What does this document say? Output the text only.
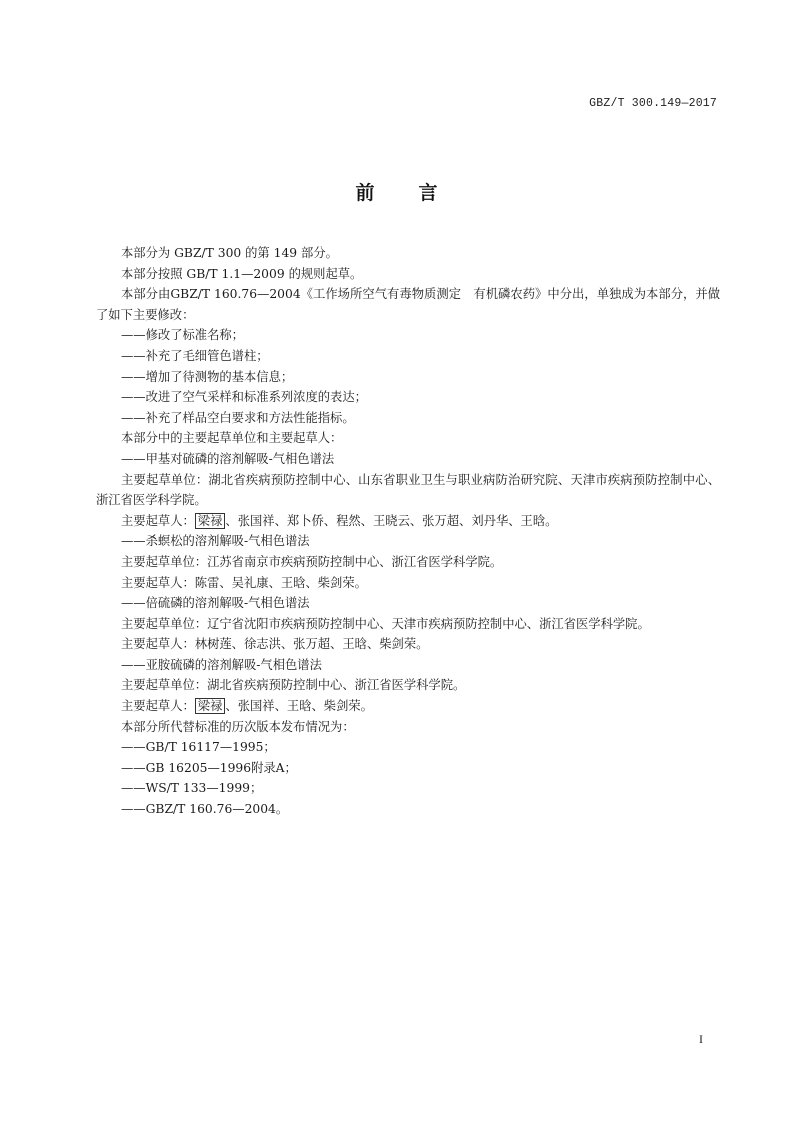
GBZ/T 300.149—2017
前 言

本部分为 GBZ/T 300 的第 149 部分。

本部分按照 GB/T 1.1—2009 的规则起草。

本部分由GBZ/T 160.76—2004《工作场所空气有毒物质测定　有机磷农药》中分出，单独成为本部分，并做了如下主要修改：

——修改了标准名称；

——补充了毛细管色谱柱；

——增加了待测物的基本信息；

——改进了空气采样和标准系列浓度的表达；

——补充了样品空白要求和方法性能指标。

本部分中的主要起草单位和主要起草人：

——甲基对硫磷的溶剂解吸-气相色谱法

主要起草单位：湖北省疾病预防控制中心、山东省职业卫生与职业病防治研究院、天津市疾病预防控制中心、浙江省医学科学院。

主要起草人： 梁禄 、张国祥、郑卜侨、程然、王晓云、张万超、刘丹华、王晗。

——杀螟松的溶剂解吸-气相色谱法

主要起草单位：江苏省南京市疾病预防控制中心、浙江省医学科学院。

主要起草人：陈雷、吴礼康、王晗、柴剑荣。

——倍硫磷的溶剂解吸-气相色谱法

主要起草单位：辽宁省沈阳市疾病预防控制中心、天津市疾病预防控制中心、浙江省医学科学院。

主要起草人：林树莲、徐志洪、张万超、王晗、柴剑荣。

——亚胺硫磷的溶剂解吸-气相色谱法

主要起草单位：湖北省疾病预防控制中心、浙江省医学科学院。

主要起草人： 梁禄 、张国祥、王晗、柴剑荣。

本部分所代替标准的历次版本发布情况为：

——GB/T 16117—1995；

——GB 16205—1996附录A；

——WS/T 133—1999；

——GBZ/T 160.76—2004。

I
